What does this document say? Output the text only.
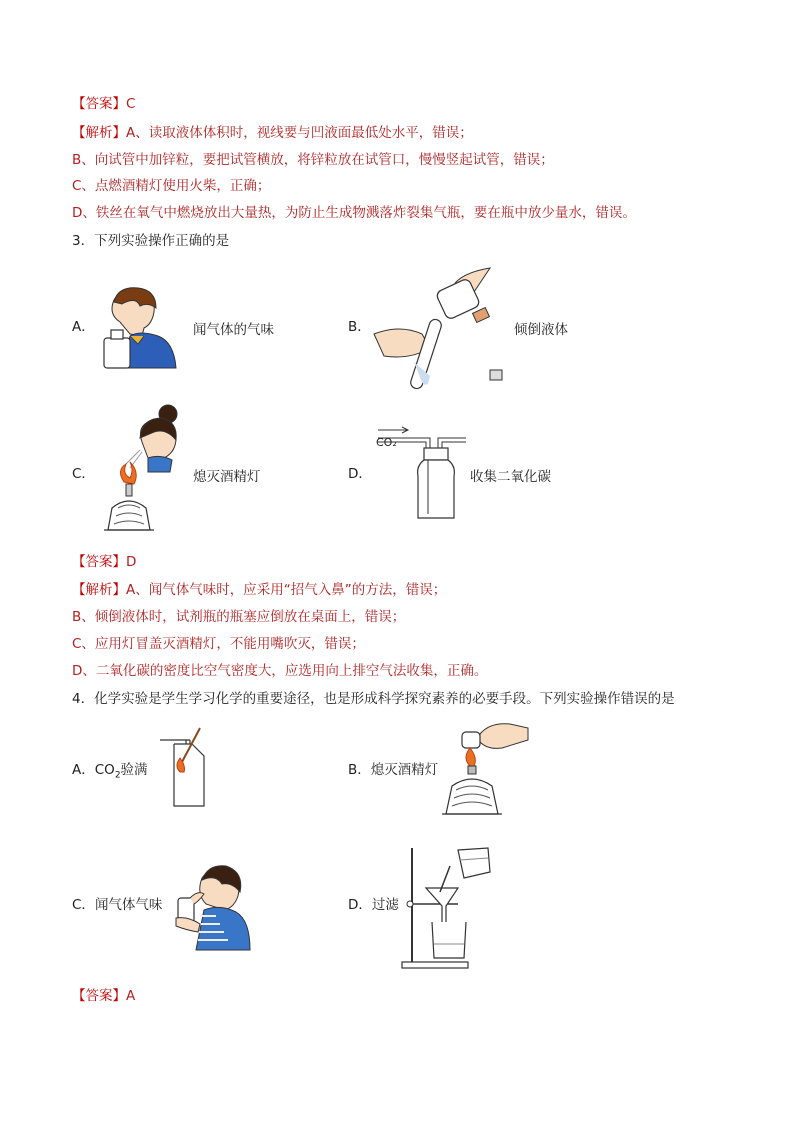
【答案】C
【解析】A、读取液体体积时，视线要与凹液面最低处水平，错误；
B、向试管中加锌粒，要把试管横放，将锌粒放在试管口，慢慢竖起试管，错误；
C、点燃酒精灯使用火柴，正确；
D、铁丝在氧气中燃烧放出大量热，为防止生成物溅落炸裂集气瓶，要在瓶中放少量水，错误。
3．下列实验操作正确的是
A．	闻气体的气味	B．	倾倒液体
C．	熄灭酒精灯	D．
CO₂
收集二氧化碳
【答案】D
【解析】A、闻气体气味时，应采用“招气入鼻”的方法，错误；
B、倾倒液体时，试剂瓶的瓶塞应倒放在桌面上，错误；
C、应用灯冒盖灭酒精灯，不能用嘴吹灭，错误；
D、二氧化碳的密度比空气密度大，应选用向上排空气法收集，正确。
4．化学实验是学生学习化学的重要途径，也是形成科学探究素养的必要手段。下列实验操作错误的是
A．$CO_2$验满	B．熄灭酒精灯
C．闻气体气味	D．过滤
【答案】A
